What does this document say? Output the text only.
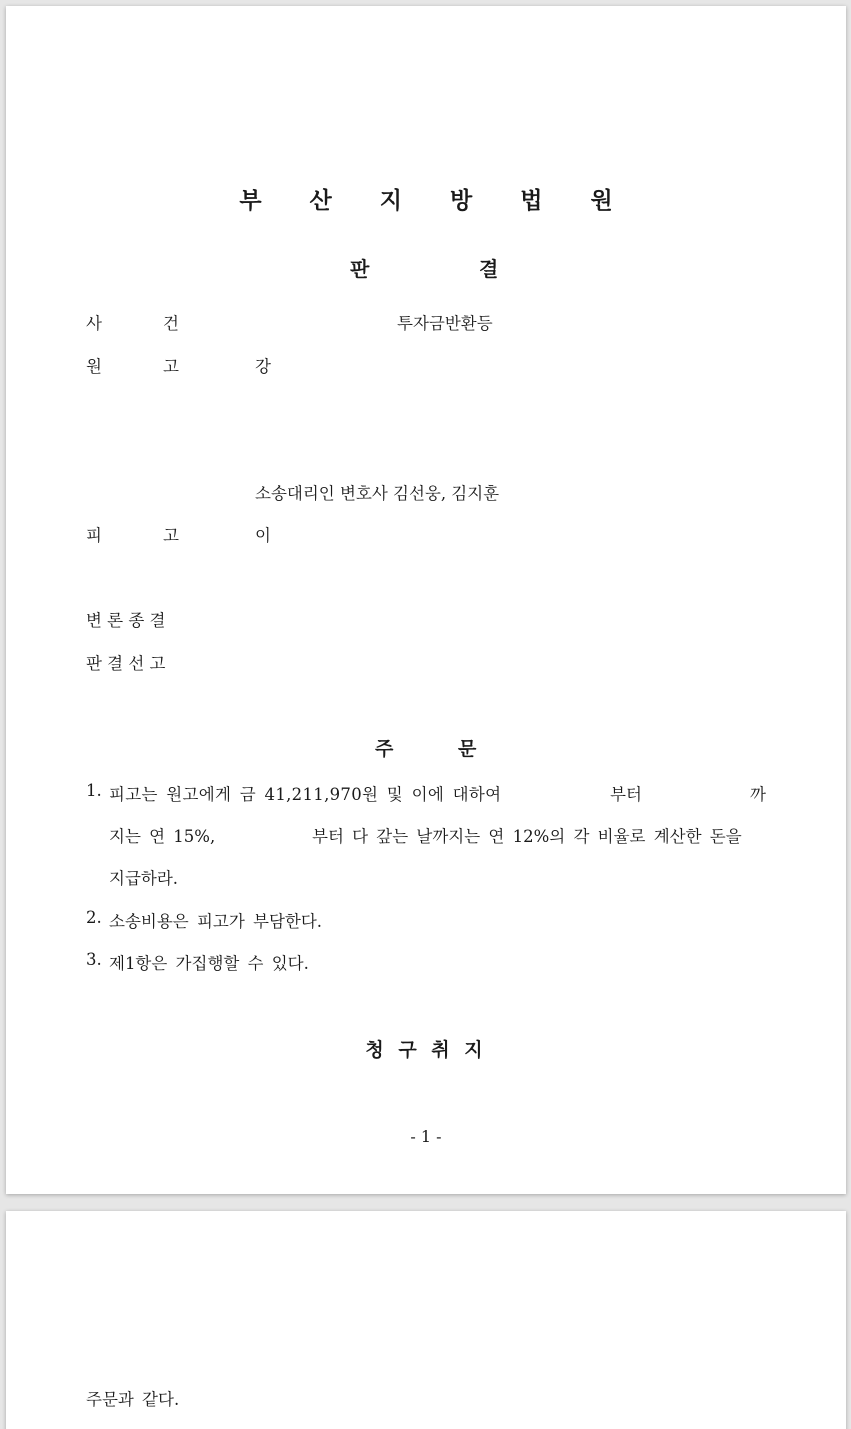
부 산 지 방 법 원
판	결
사	건	투자금반환등
원	고	강
소송대리인 변호사 김선웅, 김지훈
피	고	이
변 론 종 결
판 결 선 고
주	문
1. 피고는 원고에게 금 41,211,970원 및 이에 대하여	부터	까
지는 연 15%,	부터 다 갚는 날까지는 연 12%의 각 비율로 계산한 돈을
지급하라.
2. 소송비용은 피고가 부담한다.
3. 제1항은 가집행할 수 있다.
청 구 취 지
- 1 -
주문과 같다.
